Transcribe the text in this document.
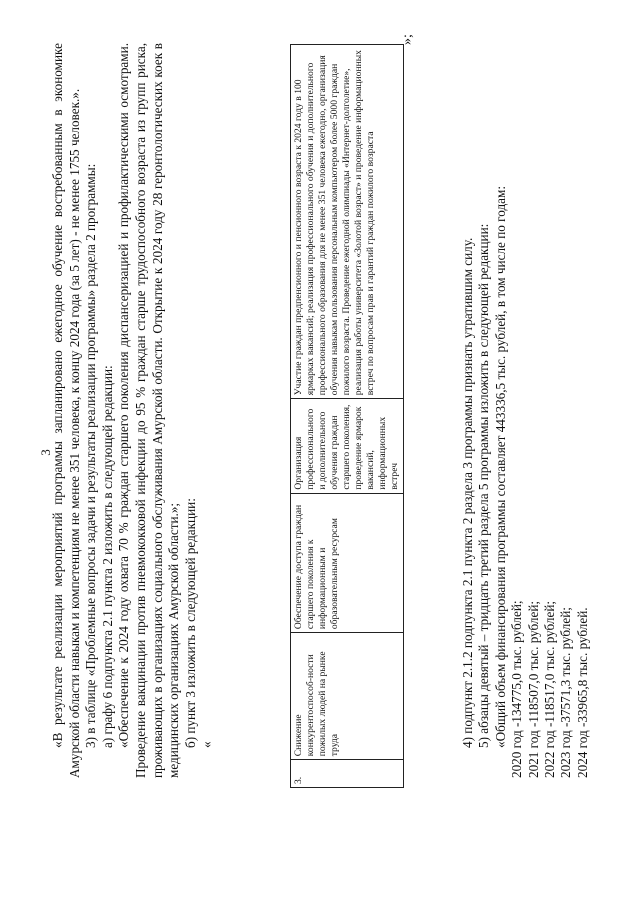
3

«В результате реализации мероприятий программы запланировано ежегодное обучение востребованным в экономике Амурской области навыкам и компетенциям не менее 351 человека, к концу 2024 года (за 5 лет) - не менее 1755 человек.». 3) в таблице «Проблемные вопросы задачи и результаты реализации программы» раздела 2 программы: а) графу 6 подпункта 2.1 пункта 2 изложить в следующей редакции: «Обеспечение к 2024 году охвата 70 % граждан старшего поколения диспансеризацией и профилактическими осмотрами. Проведение вакцинации против пневмококковой инфекции до 95 % граждан старше трудоспособного возраста из групп риска, проживающих в организациях социального обслуживания Амурской области. Открытие к 2024 году 28 геронтологических коек в медицинских организациях Амурской области.»; б) пункт 3 изложить в следующей редакции: «

3.	Снижение конкурентоспособ-ности пожилых людей на рынке труда	Обеспечение доступа граждан старшего поколения к информационным и образовательным ресурсам	Организация профессионального и дополнительного обучения граждан старшего поколения, проведение ярмарок вакансий, информационных встреч	Участие граждан предпенсионного и пенсионного возраста к 2024 году в 100 ярмарках вакансий; реализация профессионального обучения и дополнительного профессионального образования для не менее 351 человека ежегодно, организация обучения навыкам пользования персональным компьютером более 5000 граждан пожилого возраста. Проведение ежегодной олимпиады «Интернет-долголетие», реализация работы университета «Золотой возраст» и проведение информационных встреч по вопросам прав и гарантий граждан пожилого возраста
»;

4) подпункт 2.1.2 подпункта 2.1 пункта 2 раздела 3 программы признать утратившим силу. 5) абзацы девятый – тридцать третий раздела 5 программы изложить в следующей редакции: «Общий объем финансирования программы составляет 443336,5 тыс. рублей, в том числе по годам: 2020 год -134775,0 тыс. рублей; 2021 год -118507,0 тыс. рублей; 2022 год -118517,0 тыс. рублей; 2023 год -37571,3 тыс. рублей; 2024 год -33965,8 тыс. рублей.
